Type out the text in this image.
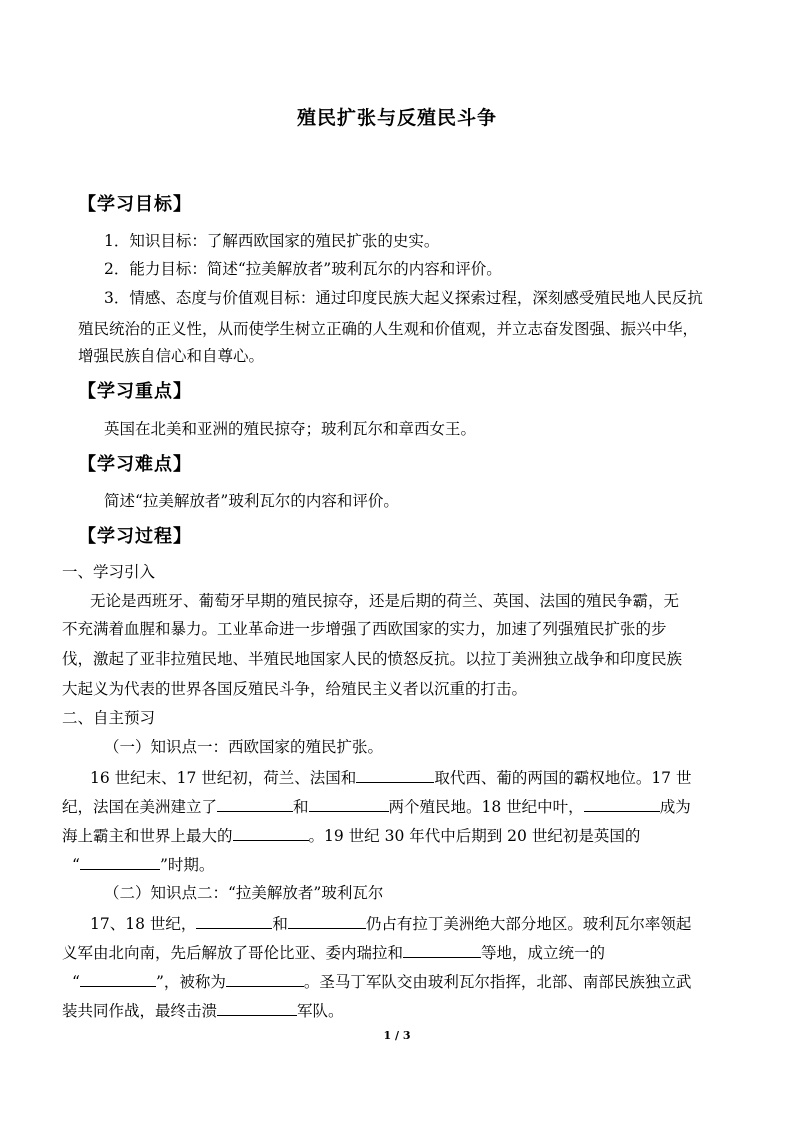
殖民扩张与反殖民斗争
【学习目标】
1．知识目标：了解西欧国家的殖民扩张的史实。
2．能力目标：简述“拉美解放者”玻利瓦尔的内容和评价。
3．情感、态度与价值观目标：通过印度民族大起义探索过程，深刻感受殖民地人民反抗
殖民统治的正义性，从而使学生树立正确的人生观和价值观，并立志奋发图强、振兴中华，
增强民族自信心和自尊心。
【学习重点】
英国在北美和亚洲的殖民掠夺；玻利瓦尔和章西女王。
【学习难点】
简述“拉美解放者”玻利瓦尔的内容和评价。
【学习过程】
一、学习引入
无论是西班牙、葡萄牙早期的殖民掠夺，还是后期的荷兰、英国、法国的殖民争霸，无
不充满着血腥和暴力。工业革命进一步增强了西欧国家的实力，加速了列强殖民扩张的步
伐，激起了亚非拉殖民地、半殖民地国家人民的愤怒反抗。以拉丁美洲独立战争和印度民族
大起义为代表的世界各国反殖民斗争，给殖民主义者以沉重的打击。
二、自主预习
（一）知识点一：西欧国家的殖民扩张。
16 世纪末、17 世纪初，荷兰、法国和	取代西、葡的两国的霸权地位。17 世
纪，法国在美洲建立了	和	两个殖民地。18 世纪中叶，	成为
海上霸主和世界上最大的	。19 世纪 30 年代中后期到 20 世纪初是英国的
“	”时期。
（二）知识点二：“拉美解放者”玻利瓦尔
17、18 世纪，	和	仍占有拉丁美洲绝大部分地区。玻利瓦尔率领起
义军由北向南，先后解放了哥伦比亚、委内瑞拉和	等地，成立统一的
“	”，被称为	。圣马丁军队交由玻利瓦尔指挥，北部、南部民族独立武
装共同作战，最终击溃	军队。
1 / 3
